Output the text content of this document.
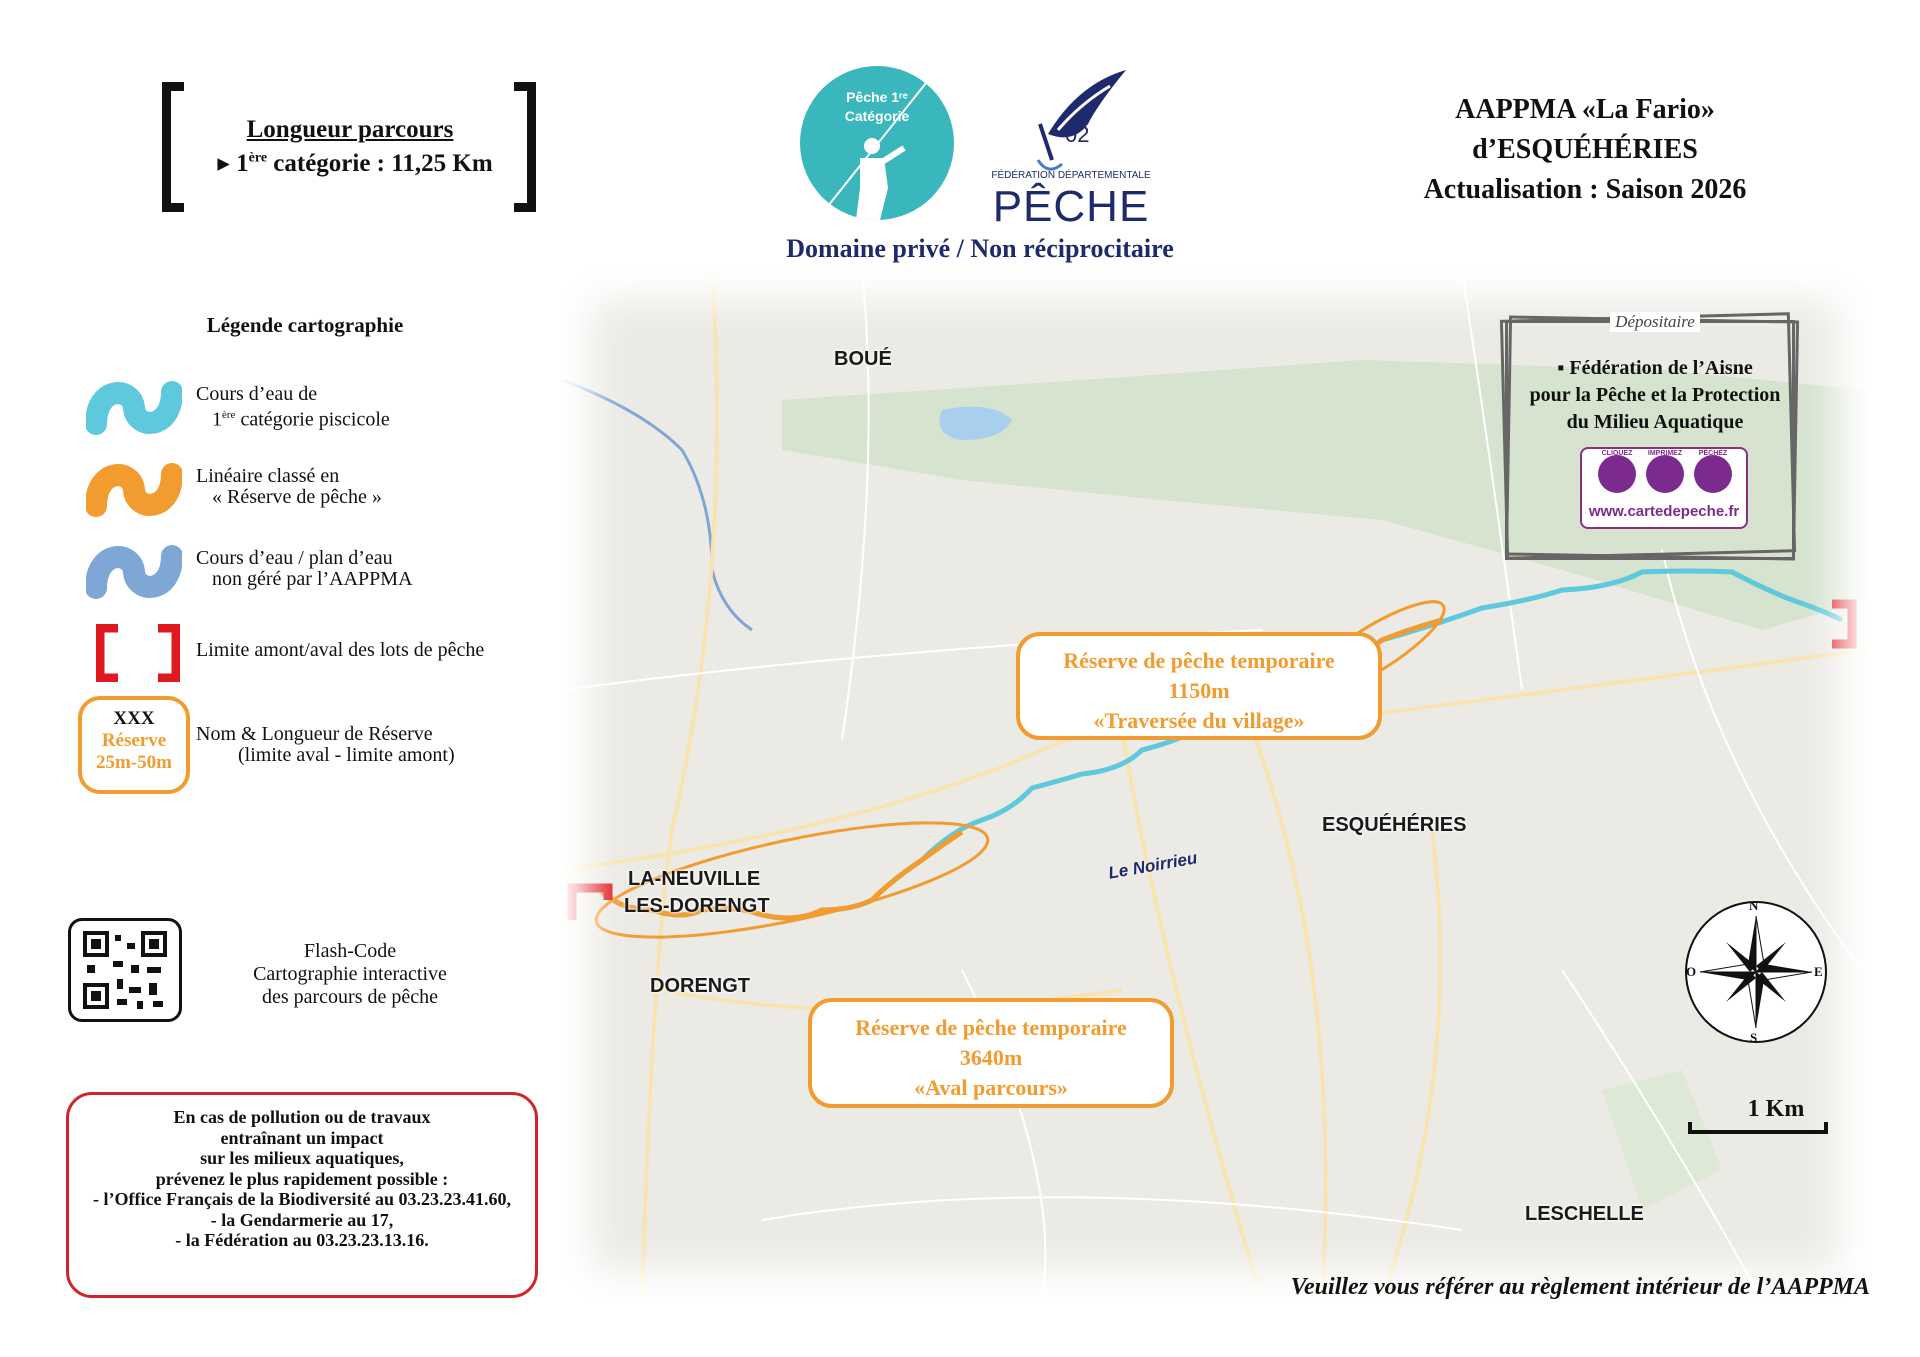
Longueur parcours
▸ 1ère catégorie : 11,25 Km
Pêche 1ʳᵉ
Catégorie
02
FÉDÉRATION DÉPARTEMENTALE
PÊCHE
Domaine privé / Non réciprocitaire
AAPPMA «La Fario»
d’ESQUÉHÉRIES
Actualisation : Saison 2026
Légende cartographie
Cours d’eau de
1ère catégorie piscicole
Linéaire classé en
« Réserve de pêche »
Cours d’eau / plan d’eau
non géré par l’AAPPMA
Limite amont/aval des lots de pêche
XXX
Réserve
25m-50m
Nom & Longueur de Réserve
(limite aval - limite amont)
Flash-Code
Cartographie interactive
des parcours de pêche
En cas de pollution ou de travaux
entraînant un impact
sur les milieux aquatiques,
prévenez le plus rapidement possible :
- l’Office Français de la Biodiversité au 03.23.23.41.60,
- la Gendarmerie au 17,
- la Fédération au 03.23.23.13.16.
BOUÉ
ESQUÉHÉRIES
LA-NEUVILLE
LES-DORENGT
DORENGT
LESCHELLE
Le Noirrieu
Réserve de pêche temporaire
1150m
«Traversée du village»
Réserve de pêche temporaire
3640m
«Aval parcours»
Dépositaire
▪ Fédération de l’Aisne
pour la Pêche et la Protection
du Milieu Aquatique
CLIQUEZ	IMPRIMEZ	PÊCHEZ
www.cartedepeche.fr
N
S
E
O
1 Km
Veuillez vous référer au règlement intérieur de l’AAPPMA
